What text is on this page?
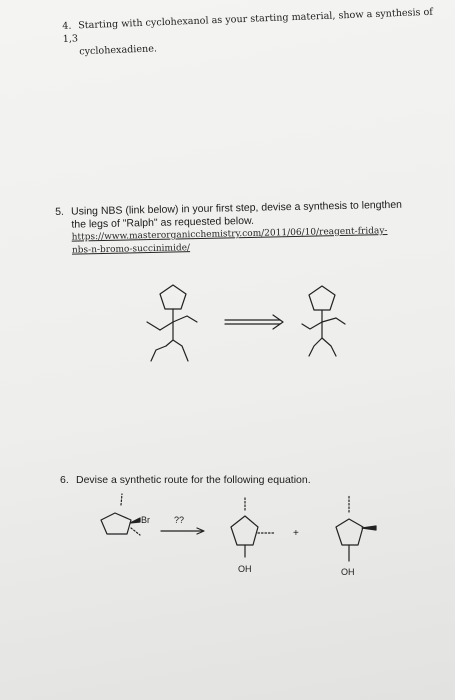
4. Starting with cyclohexanol as your starting material, show a synthesis of 1,3
cyclohexadiene.
5. Using NBS (link below) in your first step, devise a synthesis to lengthen
the legs of "Ralph" as requested below.
https://www.masterorganicchemistry.com/2011/06/10/reagent-friday-
nbs-n-bromo-succinimide/
6. Devise a synthetic route for the following equation.
Br	??
OH
+
OH
